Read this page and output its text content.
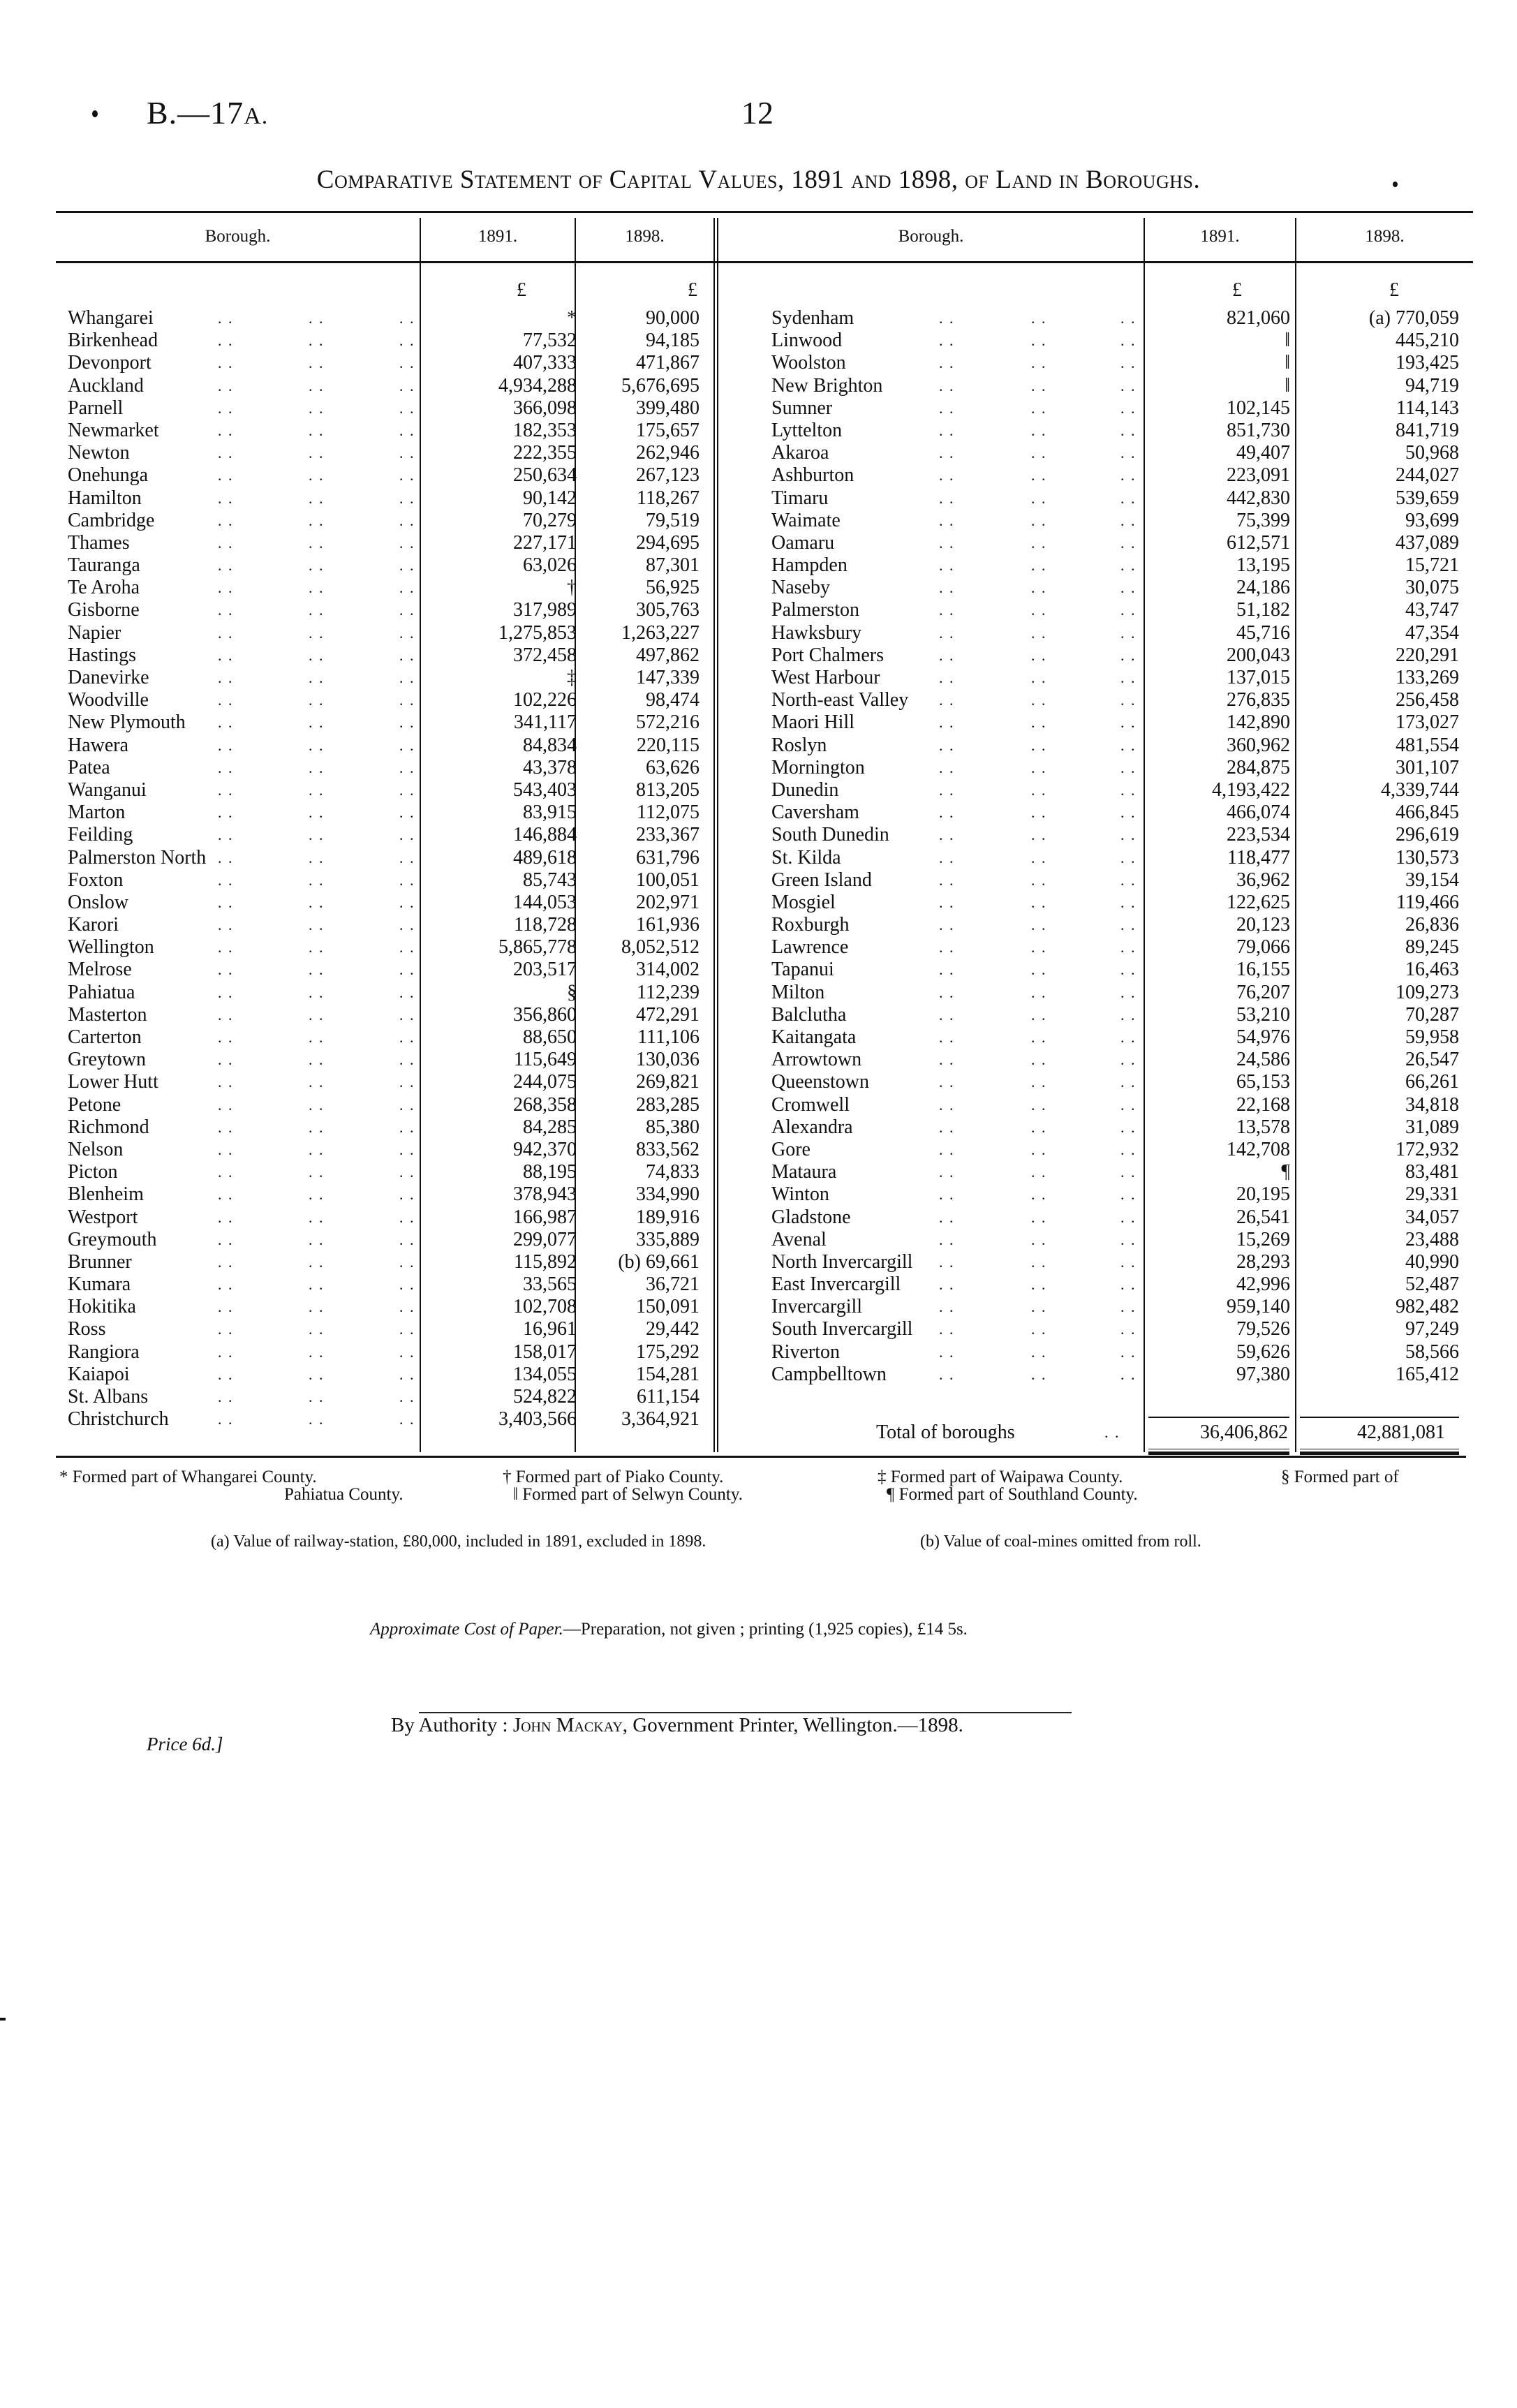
B.—17A.	12
Comparative Statement of Capital Values, 1891 and 1898, of Land in Boroughs.
Borough.	1891.	1898.	Borough.	1891.	1898.
£	£	£	£
Whangarei	. .	. .	. .	*	90,000
Birkenhead	. .	. .	. .	77,532	94,185
Devonport	. .	. .	. .	407,333	471,867
Auckland	. .	. .	. .	4,934,288 5,676,695
Parnell	. .	. .	. .	366,098	399,480
Newmarket	. .	. .	. .	182,353	175,657
Newton	. .	. .	. .	222,355	262,946
Onehunga	. .	. .	. .	250,634	267,123
Hamilton	. .	. .	. .	90,142	118,267
Cambridge	. .	. .	. .	70,279	79,519
Thames	. .	. .	. .	227,171	294,695
Tauranga	. .	. .	. .	63,026	87,301
Te Aroha	. .	. .	. .	†	56,925
Gisborne	. .	. .	. .	317,989	305,763
Napier	. .	. .	. .	1,275,853 1,263,227
Hastings	. .	. .	. .	372,458	497,862
Danevirke	. .	. .	. .	‡	147,339
Woodville	. .	. .	. .	102,226	98,474
New Plymouth . .	. .	. .	341,117	572,216
Hawera	. .	. .	. .	84,834	220,115
Patea	. .	. .	. .	43,378	63,626
Wanganui	. .	. .	. .	543,403	813,205
Marton	. .	. .	. .	83,915	112,075
Feilding	. .	. .	. .	146,884	233,367
Palmerston North . .	. .	. .	489,618	631,796
Foxton	. .	. .	. .	85,743	100,051
Onslow	. .	. .	. .	144,053	202,971
Karori	. .	. .	. .	118,728	161,936
Wellington	. .	. .	. .	5,865,778 8,052,512
Melrose	. .	. .	. .	203,517	314,002
Pahiatua	. .	. .	. .	§	112,239
Masterton	. .	. .	. .	356,860	472,291
Carterton	. .	. .	. .	88,650	111,106
Greytown	. .	. .	. .	115,649	130,036
Lower Hutt	. .	. .	. .	244,075	269,821
Petone	. .	. .	. .	268,358	283,285
Richmond	. .	. .	. .	84,285	85,380
Nelson	. .	. .	. .	942,370	833,562
Picton	. .	. .	. .	88,195	74,833
Blenheim	. .	. .	. .	378,943	334,990
Westport	. .	. .	. .	166,987	189,916
Greymouth	. .	. .	. .	299,077	335,889
Brunner	. .	. .	. .	115,892 (b) 69,661
Kumara	. .	. .	. .	33,565	36,721
Hokitika	. .	. .	. .	102,708	150,091
Ross	. .	. .	. .	16,961	29,442
Rangiora	. .	. .	. .	158,017	175,292
Kaiapoi	. .	. .	. .	134,055	154,281
St. Albans	. .	. .	. .	524,822	611,154
Christchurch	. .	. .	. .	3,403,566 3,364,921
Sydenham	. .	. .	. .	821,060	(a) 770,059
Linwood	. .	. .	. .	‖	445,210
Woolston	. .	. .	. .	‖	193,425
New Brighton	. .	. .	. .	‖	94,719
Sumner	. .	. .	. .	102,145	114,143
Lyttelton	. .	. .	. .	851,730	841,719
Akaroa	. .	. .	. .	49,407	50,968
Ashburton	. .	. .	. .	223,091	244,027
Timaru	. .	. .	. .	442,830	539,659
Waimate	. .	. .	. .	75,399	93,699
Oamaru	. .	. .	. .	612,571	437,089
Hampden	. .	. .	. .	13,195	15,721
Naseby	. .	. .	. .	24,186	30,075
Palmerston	. .	. .	. .	51,182	43,747
Hawksbury	. .	. .	. .	45,716	47,354
Port Chalmers	. .	. .	. .	200,043	220,291
West Harbour	. .	. .	. .	137,015	133,269
North-east Valley . .	. .	. .	276,835	256,458
Maori Hill	. .	. .	. .	142,890	173,027
Roslyn	. .	. .	. .	360,962	481,554
Mornington	. .	. .	. .	284,875	301,107
Dunedin	. .	. .	. .	4,193,422	4,339,744
Caversham	. .	. .	. .	466,074	466,845
South Dunedin	. .	. .	. .	223,534	296,619
St. Kilda	. .	. .	. .	118,477	130,573
Green Island	. .	. .	. .	36,962	39,154
Mosgiel	. .	. .	. .	122,625	119,466
Roxburgh	. .	. .	. .	20,123	26,836
Lawrence	. .	. .	. .	79,066	89,245
Tapanui	. .	. .	. .	16,155	16,463
Milton	. .	. .	. .	76,207	109,273
Balclutha	. .	. .	. .	53,210	70,287
Kaitangata	. .	. .	. .	54,976	59,958
Arrowtown	. .	. .	. .	24,586	26,547
Queenstown	. .	. .	. .	65,153	66,261
Cromwell	. .	. .	. .	22,168	34,818
Alexandra	. .	. .	. .	13,578	31,089
Gore	. .	. .	. .	142,708	172,932
Mataura	. .	. .	. .	¶	83,481
Winton	. .	. .	. .	20,195	29,331
Gladstone	. .	. .	. .	26,541	34,057
Avenal	. .	. .	. .	15,269	23,488
North Invercargill . .	. .	. .	28,293	40,990
East Invercargill . .	. .	. .	42,996	52,487
Invercargill	. .	. .	. .	959,140	982,482
South Invercargill . .	. .	. .	79,526	97,249
Riverton	. .	. .	. .	59,626	58,566
Campbelltown	. .	. .	. .	97,380	165,412
Total of boroughs	. .	36,406,862	42,881,081
* Formed part of Whangarei County.	† Formed part of Piako County.	‡ Formed part of Waipawa County.	§ Formed part of
Pahiatua County.	‖ Formed part of Selwyn County.	¶ Formed part of Southland County.
(a) Value of railway-station, £80,000, included in 1891, excluded in 1898.	(b) Value of coal-mines omitted from roll.
Approximate Cost of Paper.—Preparation, not given ; printing (1,925 copies), £14 5s.
By Authority : John Mackay, Government Printer, Wellington.—1898.
Price 6d.]
